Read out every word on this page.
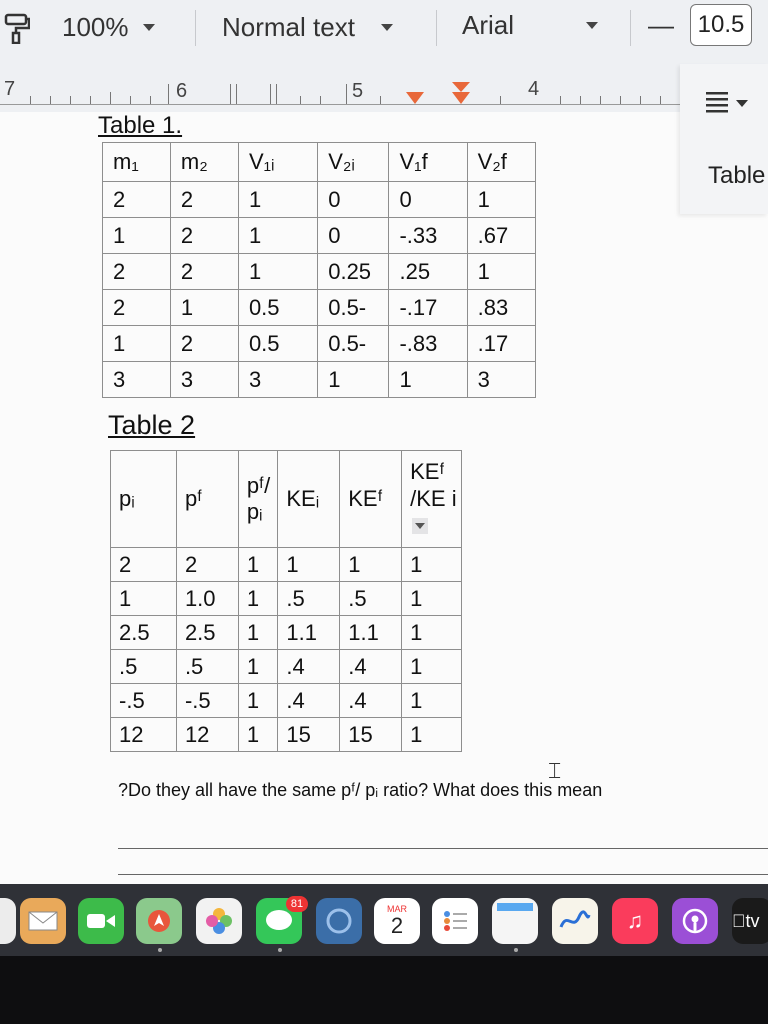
100%	Normal text	Arial	— 10.5
7	6	5	4
Table 1.
m₁	m₂	V₁ᵢ	V₂ᵢ	V₁f	V₂f
2	2	1	0	0	1
1	2	1	0	-.33	.67
2	2	1	0.25	.25	1
2	1	0.5	0.5-	-.17	.83
1	2	0.5	0.5-	-.83	.17
3	3	3	1	1	3
Table 2
pᵢ	pᶠ	pᶠ/ pᵢ	KEᵢ	KEᶠ	KEᶠ /KE i
2	2	1	1	1	1
1	1.0	1	.5	.5	1
2.5	2.5	1	1.1	1.1	1
.5	.5	1	.4	.4	1
-.5	-.5	1	.4	.4	1
12	12	1	15	15	1
⌶
?Do they all have the same pᶠ/ pᵢ ratio? What does this mean
Table
81	MAR
2	♫	tv
